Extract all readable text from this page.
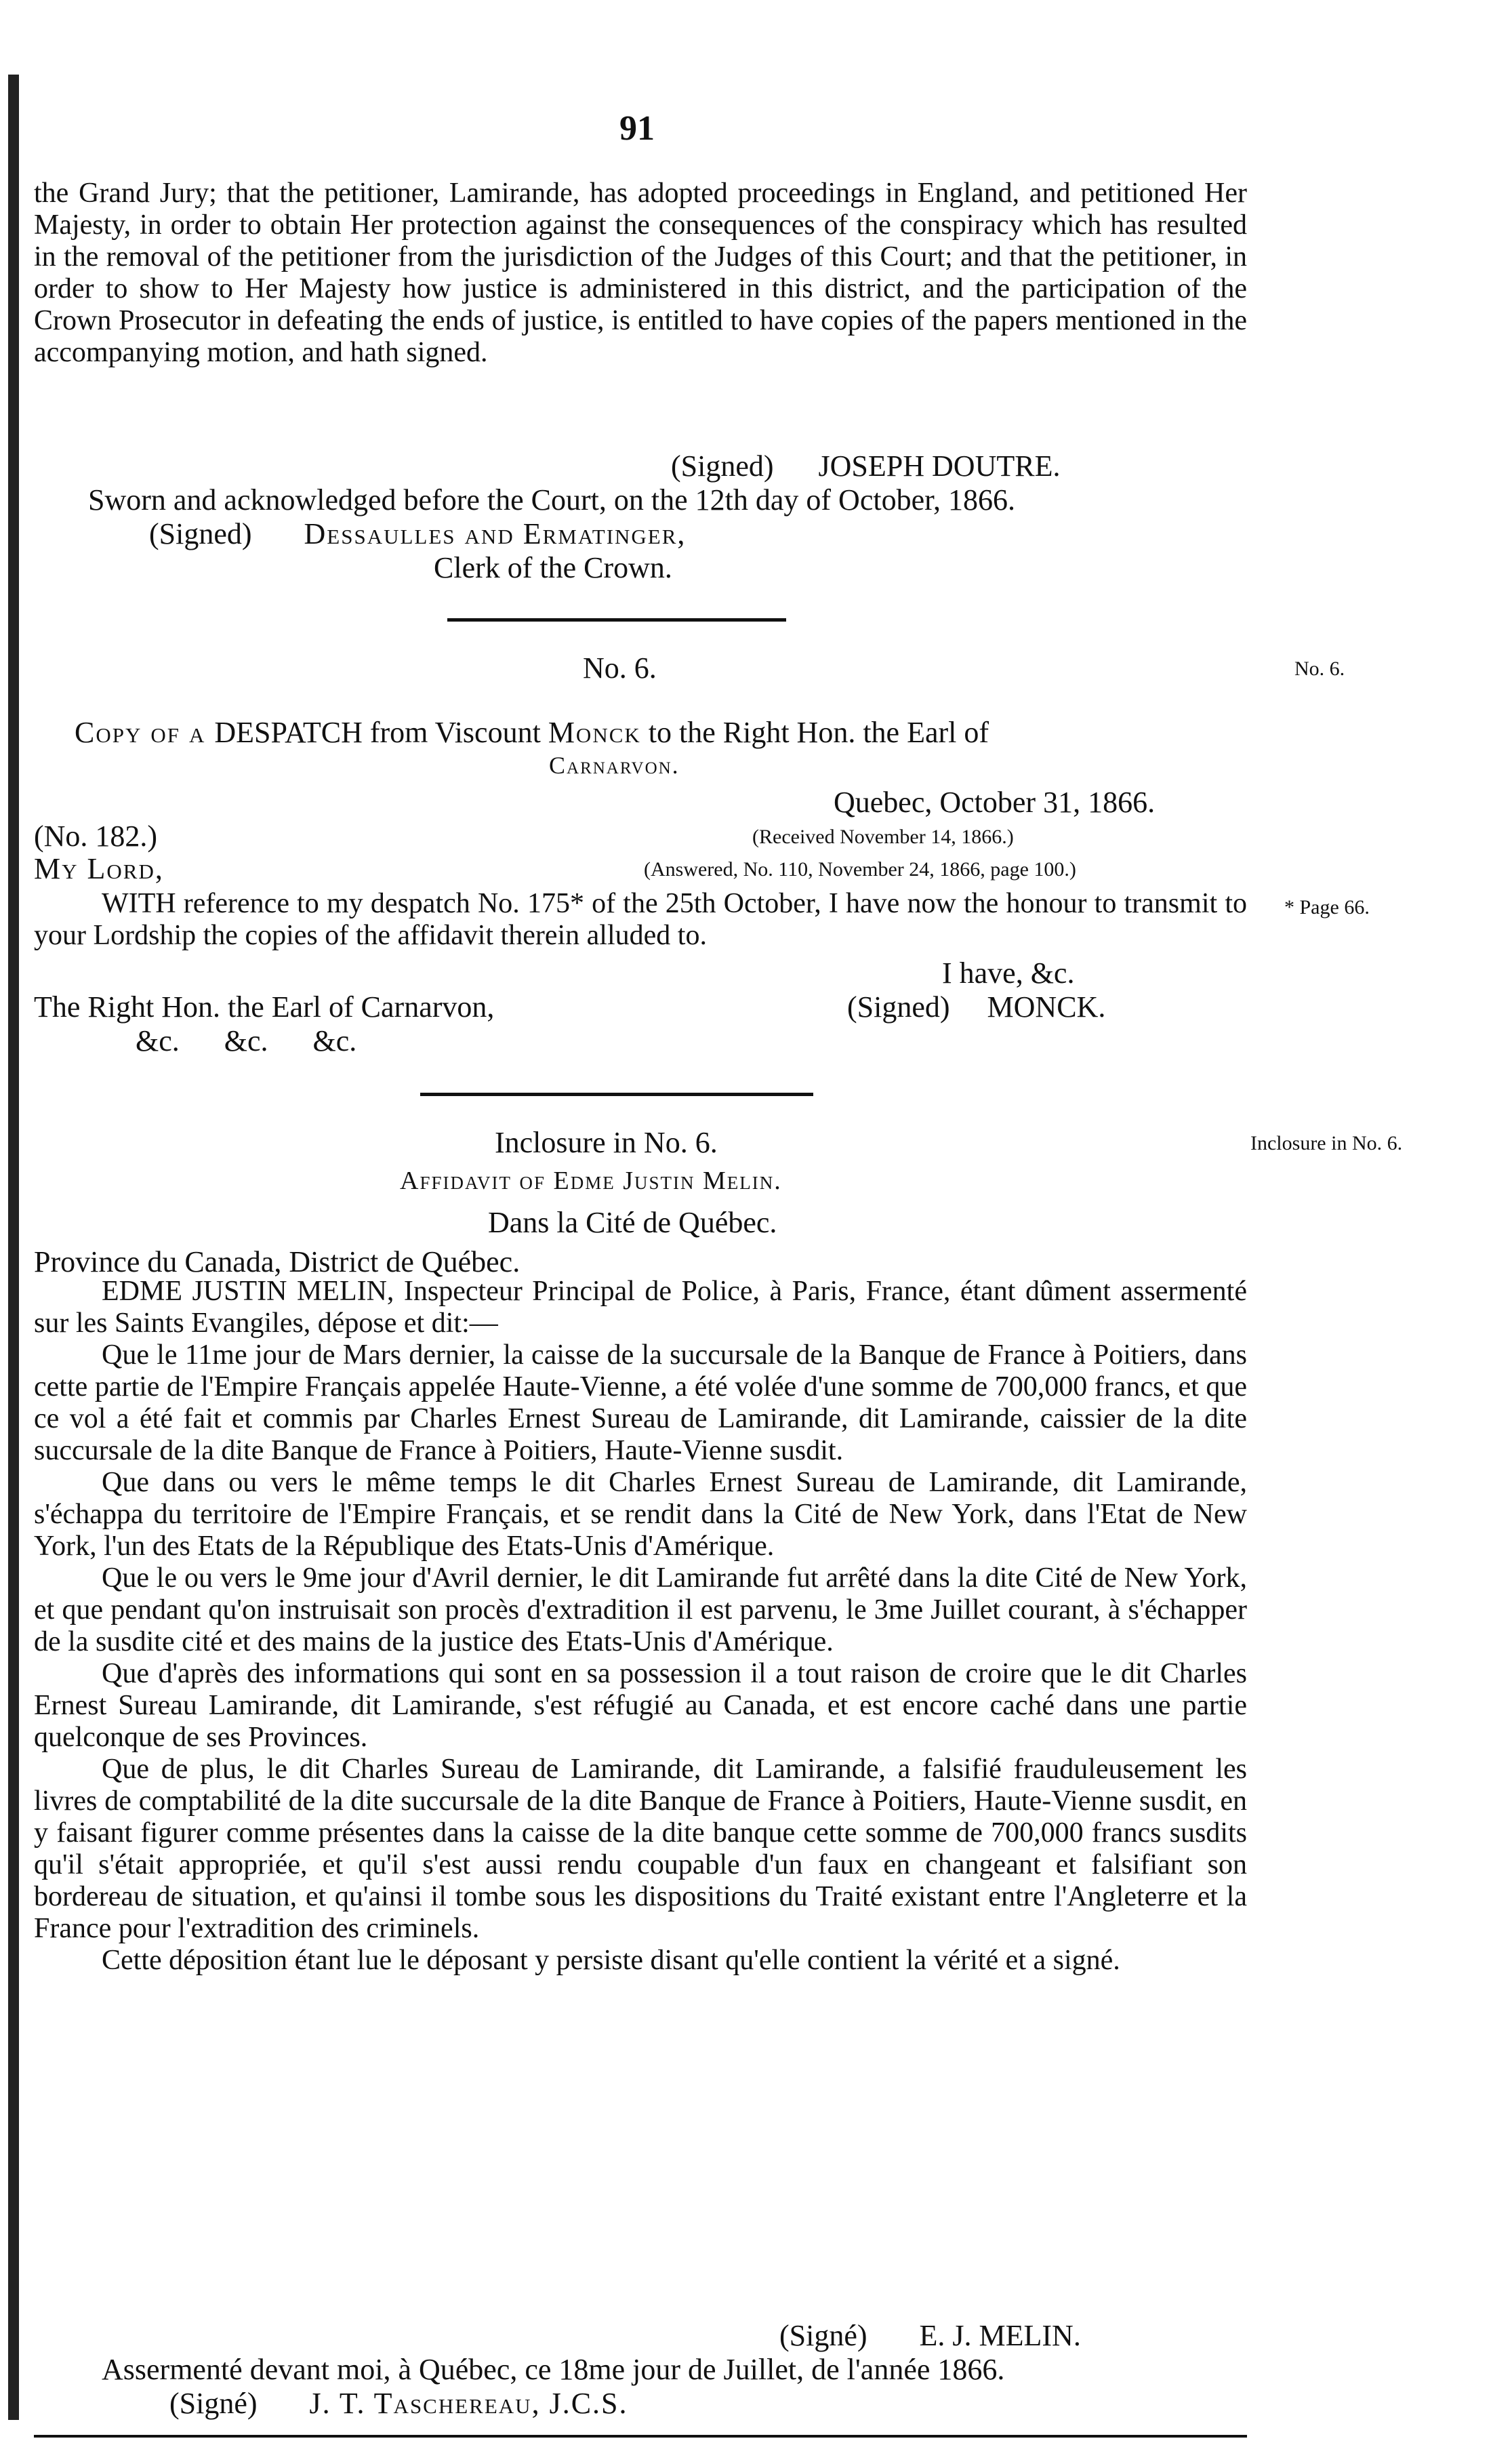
91

the Grand Jury; that the petitioner, Lamirande, has adopted proceedings in England, and petitioned Her Majesty, in order to obtain Her protection against the consequences of the conspiracy which has resulted in the removal of the petitioner from the jurisdiction of the Judges of this Court; and that the petitioner, in order to show to Her Majesty how justice is administered in this district, and the participation of the Crown Prosecutor in defeating the ends of justice, is entitled to have copies of the papers mentioned in the accompanying motion, and hath signed.

(Signed) JOSEPH DOUTRE.
Sworn and acknowledged before the Court, on the 12th day of October, 1866.
(Signed) Dessaulles and Ermatinger,
Clerk of the Crown.
No. 6.	No. 6.
Copy of a DESPATCH from Viscount Monck to the Right Hon. the Earl of
Carnarvon.
Quebec, October 31, 1866.
(No. 182.)	(Received November 14, 1866.)
My Lord,	(Answered, No. 110, November 24, 1866, page 100.)

WITH reference to my despatch No. 175* of the 25th October, I have now the honour to transmit to your Lordship the copies of the affidavit therein alluded to.

* Page 66.
I have, &c.
The Right Hon. the Earl of Carnarvon,	(Signed) MONCK.
&c.      &c.      &c.
Inclosure in No. 6.	Inclosure in No. 6.
Affidavit of Edme Justin Melin.
Dans la Cité de Québec.
Province du Canada, District de Québec.

EDME JUSTIN MELIN, Inspecteur Principal de Police, à Paris, France, étant dûment assermenté sur les Saints Evangiles, dépose et dit:—

Que le 11me jour de Mars dernier, la caisse de la succursale de la Banque de France à Poitiers, dans cette partie de l'Empire Français appelée Haute-Vienne, a été volée d'une somme de 700,000 francs, et que ce vol a été fait et commis par Charles Ernest Sureau de Lamirande, dit Lamirande, caissier de la dite succursale de la dite Banque de France à Poitiers, Haute-Vienne susdit.

Que dans ou vers le même temps le dit Charles Ernest Sureau de Lamirande, dit Lamirande, s'échappa du territoire de l'Empire Français, et se rendit dans la Cité de New York, dans l'Etat de New York, l'un des Etats de la République des Etats-Unis d'Amérique.

Que le ou vers le 9me jour d'Avril dernier, le dit Lamirande fut arrêté dans la dite Cité de New York, et que pendant qu'on instruisait son procès d'extradition il est parvenu, le 3me Juillet courant, à s'échapper de la susdite cité et des mains de la justice des Etats-Unis d'Amérique.

Que d'après des informations qui sont en sa possession il a tout raison de croire que le dit Charles Ernest Sureau Lamirande, dit Lamirande, s'est réfugié au Canada, et est encore caché dans une partie quelconque de ses Provinces.

Que de plus, le dit Charles Sureau de Lamirande, dit Lamirande, a falsifié frauduleusement les livres de comptabilité de la dite succursale de la dite Banque de France à Poitiers, Haute-Vienne susdit, en y faisant figurer comme présentes dans la caisse de la dite banque cette somme de 700,000 francs susdits qu'il s'était appropriée, et qu'il s'est aussi rendu coupable d'un faux en changeant et falsifiant son bordereau de situation, et qu'ainsi il tombe sous les dispositions du Traité existant entre l'Angleterre et la France pour l'extradition des criminels.

Cette déposition étant lue le déposant y persiste disant qu'elle contient la vérité et a signé.

(Signé) E. J. MELIN.
Assermenté devant moi, à Québec, ce 18me jour de Juillet, de l'année 1866.
(Signé) J. T. Taschereau, J.C.S.
